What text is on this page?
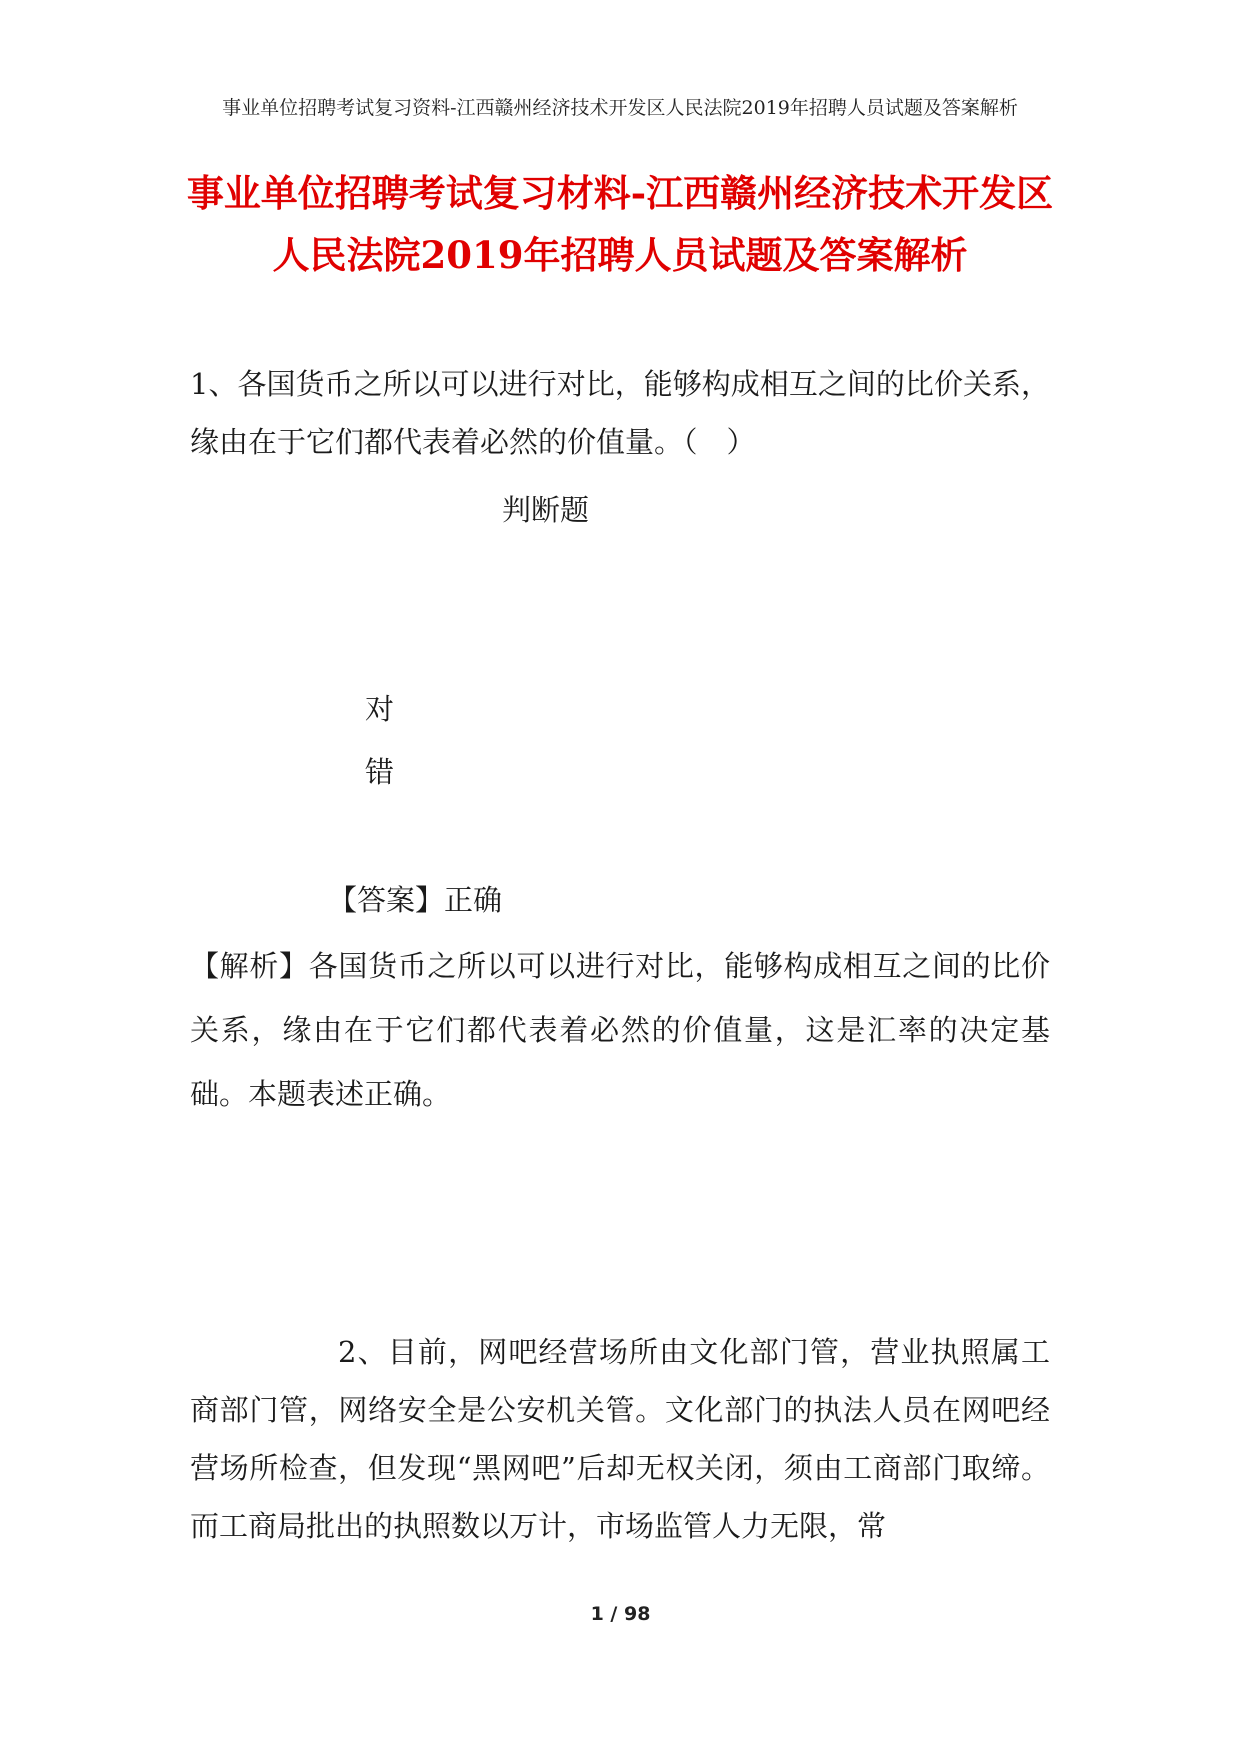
事业单位招聘考试复习资料-江西赣州经济技术开发区人民法院2019年招聘人员试题及答案解析
事业单位招聘考试复习材料-江西赣州经济技术开发区人民法院2019年招聘人员试题及答案解析

1、各国货币之所以可以进行对比，能够构成相互之间的比价关系，缘由在于它们都代表着必然的价值量。（　）

判断题
对
错
【答案】正确

【解析】各国货币之所以可以进行对比，能够构成相互之间的比价关系，缘由在于它们都代表着必然的价值量，这是汇率的决定基础。本题表述正确。

2、目前，网吧经营场所由文化部门管，营业执照属工商部门管，网络安全是公安机关管。文化部门的执法人员在网吧经营场所检查，但发现“黑网吧”后却无权关闭，须由工商部门取缔。而工商局批出的执照数以万计，市场监管人力无限，常

1 / 98
